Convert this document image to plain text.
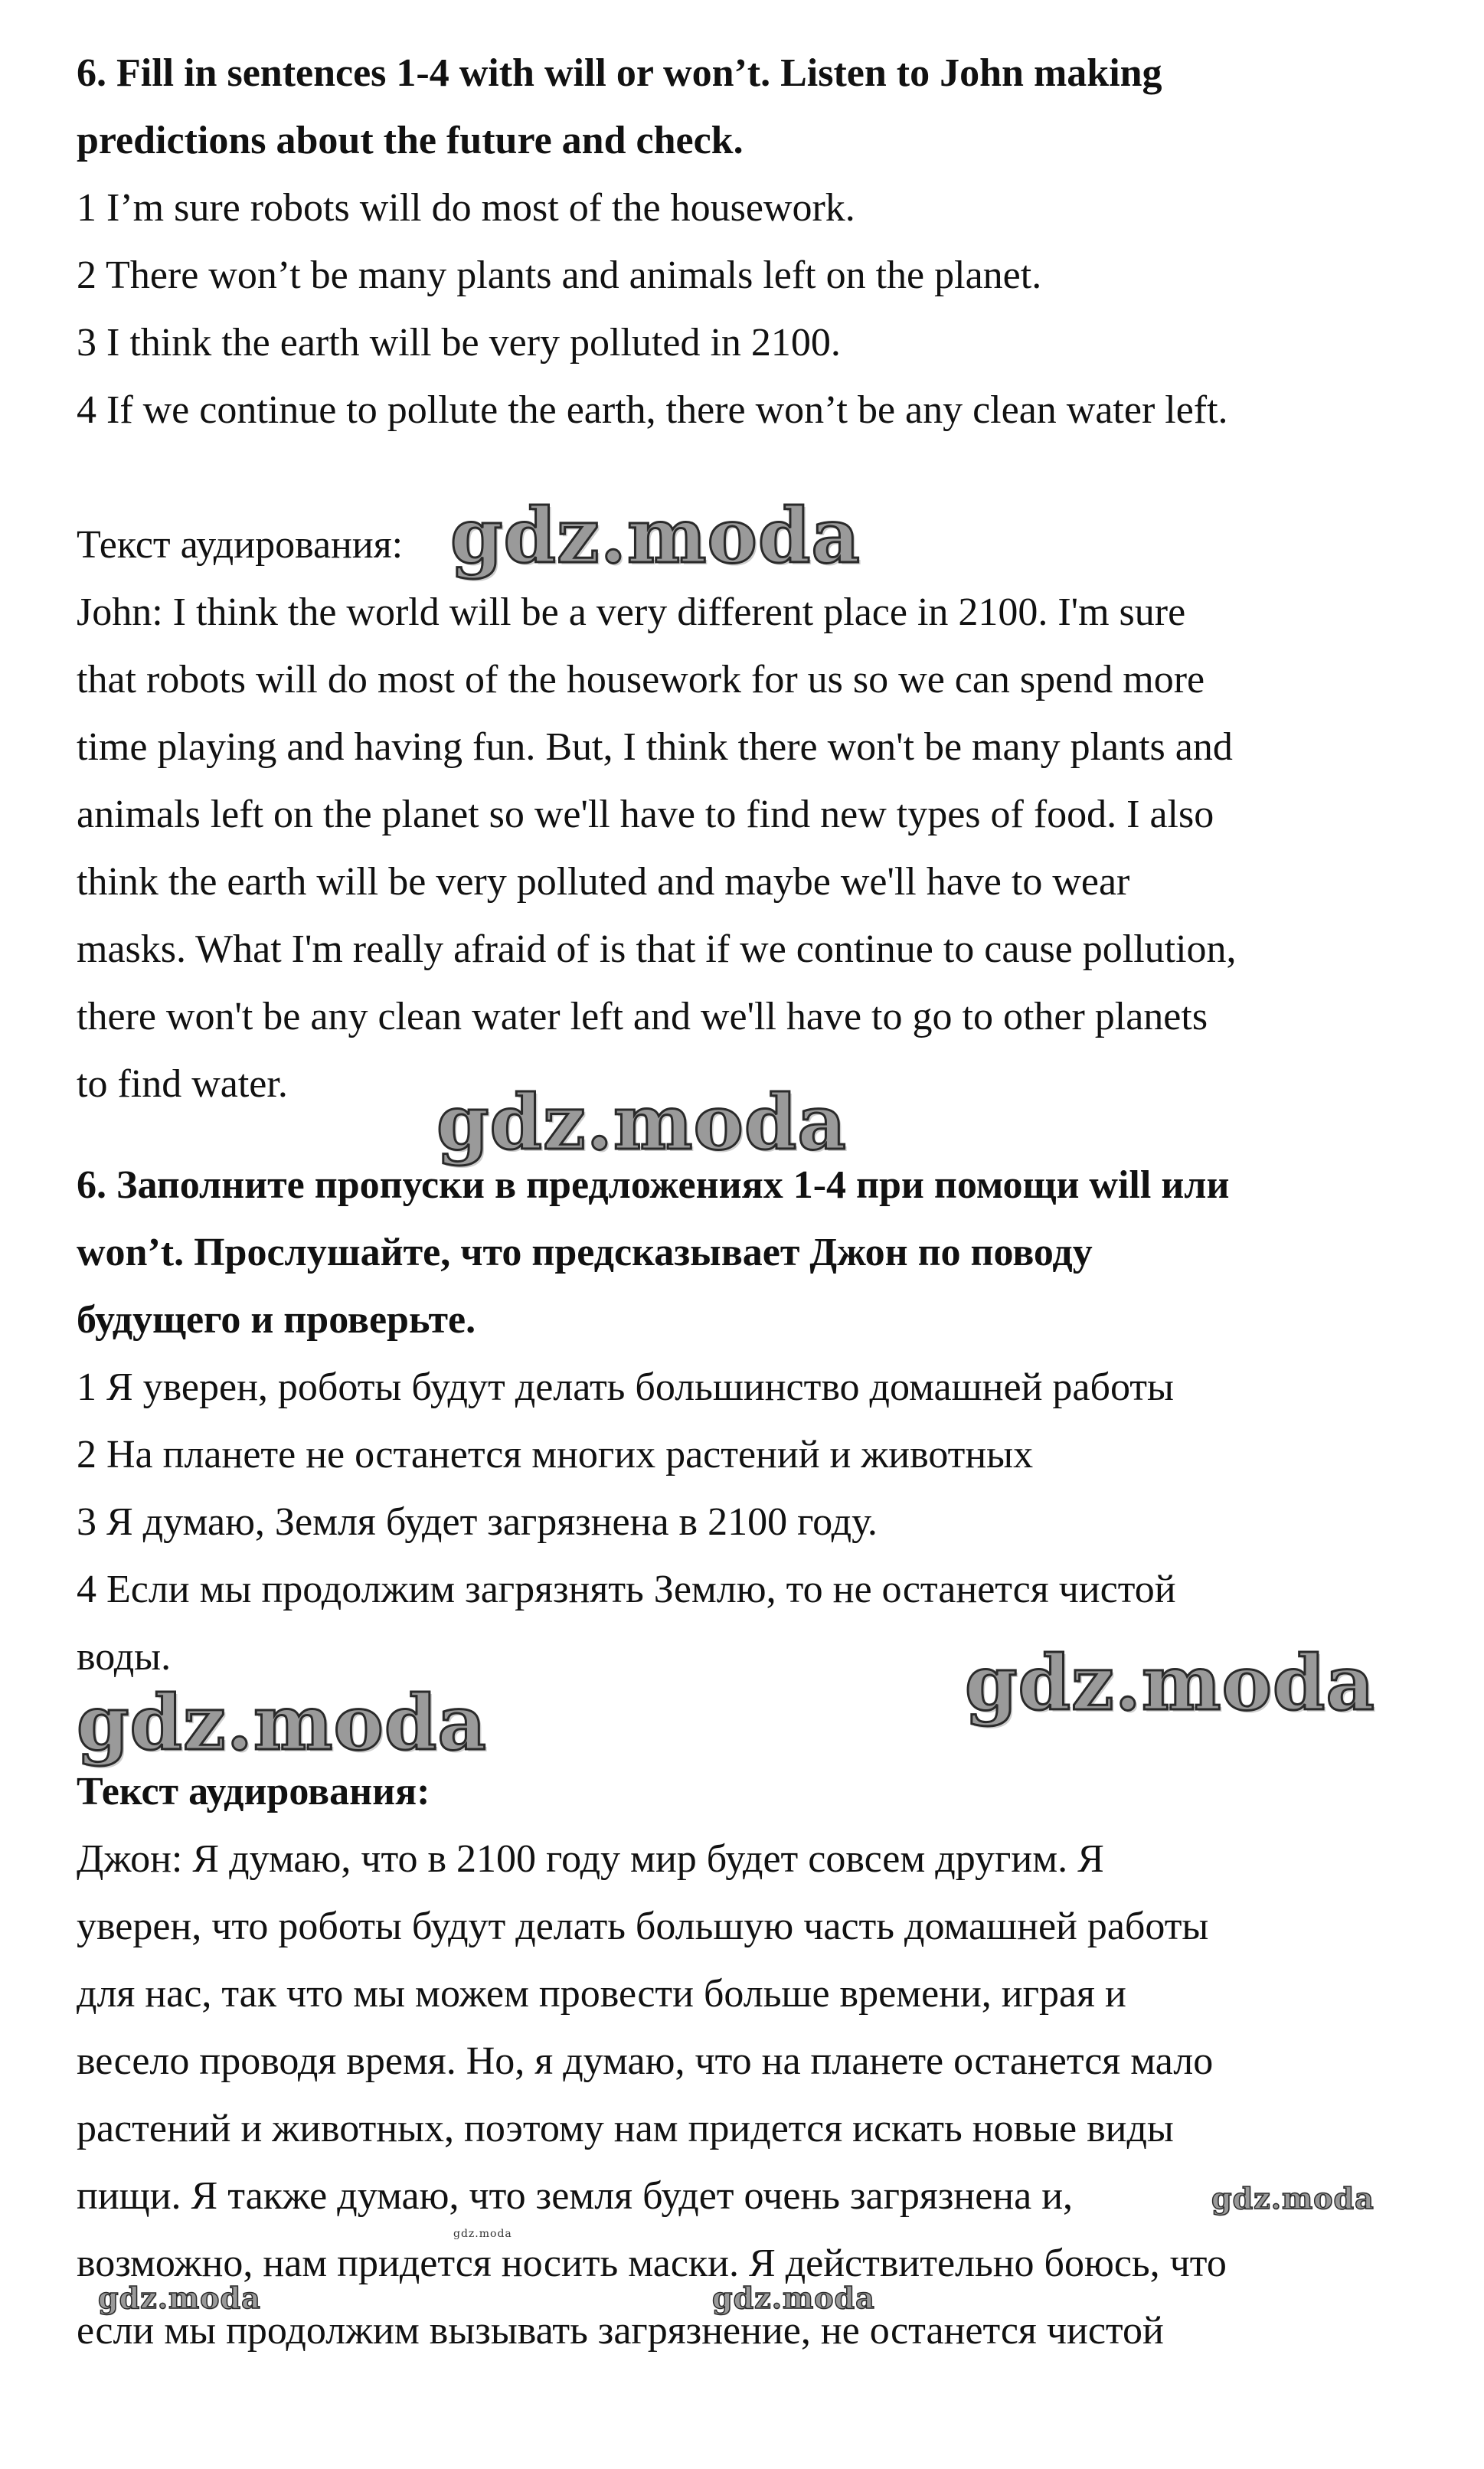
6. Fill in sentences 1-4 with will or won’t. Listen to John making
predictions about the future and check.
1 I’m sure robots will do most of the housework.
2 There won’t be many plants and animals left on the planet.
3 I think the earth will be very polluted in 2100.
4 If we continue to pollute the earth, there won’t be any clean water left.
Текст аудирования: gdz.moda
John: I think the world will be a very different place in 2100. I'm sure
that robots will do most of the housework for us so we can spend more
time playing and having fun. But, I think there won't be many plants and
animals left on the planet so we'll have to find new types of food. I also
think the earth will be very polluted and maybe we'll have to wear
masks. What I'm really afraid of is that if we continue to cause pollution,
there won't be any clean water left and we'll have to go to other planets
to find water. gdz.moda
6. Заполните пропуски в предложениях 1-4 при помощи will или
won’t. Прослушайте, что предсказывает Джон по поводу
будущего и проверьте.
1 Я уверен, роботы будут делать большинство домашней работы
2 На планете не останется многих растений и животных
3 Я думаю, Земля будет загрязнена в 2100 году.
4 Если мы продолжим загрязнять Землю, то не останется чистой
воды.	gdz.moda
gdz.moda
Текст аудирования:
Джон: Я думаю, что в 2100 году мир будет совсем другим. Я
уверен, что роботы будут делать большую часть домашней работы
для нас, так что мы можем провести больше времени, играя и
весело проводя время. Но, я думаю, что на планете останется мало
растений и животных, поэтому нам придется искать новые виды
пищи. Я также думаю, что земля будет очень загрязнена и,	gdz.moda
gdz.moda
возможно, нам придется носить маски. Я действительно боюсь, что
gdz.moda	gdz.moda
если мы продолжим вызывать загрязнение, не останется чистой
